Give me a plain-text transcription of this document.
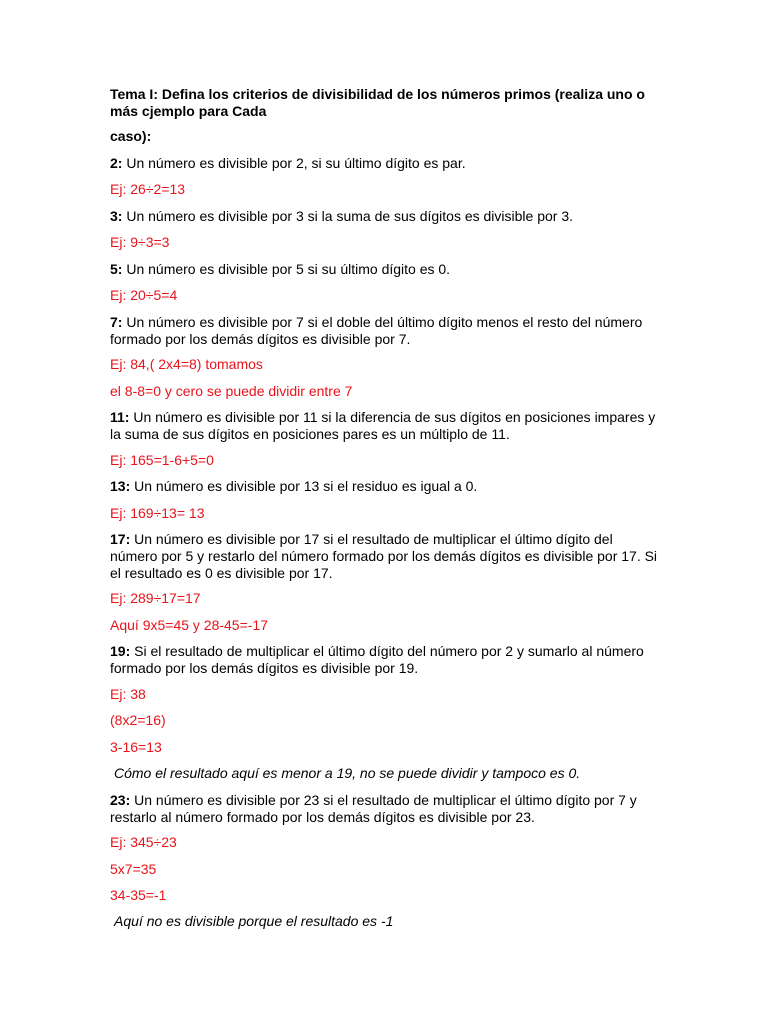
Tema I: Defina los criterios de divisibilidad de los números primos (realiza uno o más cjemplo para Cada
caso):
2: Un número es divisible por 2, si su último dígito es par.
Ej: 26÷2=13
3: Un número es divisible por 3 si la suma de sus dígitos es divisible por 3.
Ej: 9÷3=3
5: Un número es divisible por 5 si su último dígito es 0.
Ej: 20÷5=4
7: Un número es divisible por 7 si el doble del último dígito menos el resto del número formado por los demás dígitos es divisible por 7.
Ej: 84,( 2x4=8) tomamos
el 8-8=0 y cero se puede dividir entre 7
11: Un número es divisible por 11 si la diferencia de sus dígitos en posiciones impares y la suma de sus dígitos en posiciones pares es un múltiplo de 11.
Ej: 165=1-6+5=0
13: Un número es divisible por 13 si el residuo es igual a 0.
Ej: 169÷13= 13
17: Un número es divisible por 17 si el resultado de multiplicar el último dígito del número por 5 y restarlo del número formado por los demás dígitos es divisible por 17. Si el resultado es 0 es divisible por 17.
Ej: 289÷17=17
Aquí 9x5=45 y 28-45=-17
19: Si el resultado de multiplicar el último dígito del número por 2 y sumarlo al número formado por los demás dígitos es divisible por 19.
Ej: 38
(8x2=16)
3-16=13
Cómo el resultado aquí es menor a 19, no se puede dividir y tampoco es 0.
23: Un número es divisible por 23 si el resultado de multiplicar el último dígito por 7 y restarlo al número formado por los demás dígitos es divisible por 23.
Ej: 345÷23
5x7=35
34-35=-1
Aquí no es divisible porque el resultado es -1
